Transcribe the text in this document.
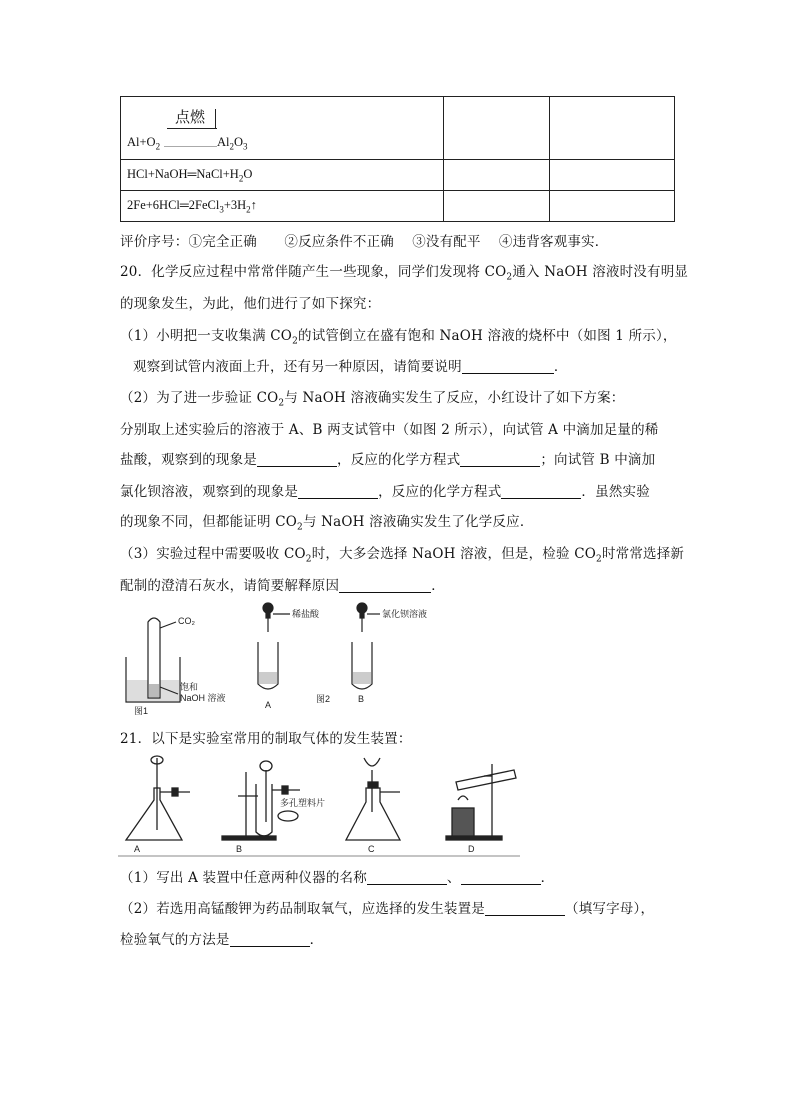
点燃
$Al+O_2$ $Al_2O_3$

$HCl+NaOH═NaCl+H_2O$		
$2Fe+6HCl═2FeCl_3+3H_2↑$		
评价序号：①完全正确　　②反应条件不正确　 ③没有配平　 ④违背客观事实．
20．化学反应过程中常常伴随产生一些现象，同学们发现将 $CO_2$通入 NaOH 溶液时没有明显
的现象发生，为此，他们进行了如下探究：
（1）小明把一支收集满 $CO_2$的试管倒立在盛有饱和 NaOH 溶液的烧杯中（如图 1 所示），
观察到试管内液面上升，还有另一种原因，请简要说明	．
（2）为了进一步验证 $CO_2$与 NaOH 溶液确实发生了反应，小红设计了如下方案：
分别取上述实验后的溶液于 A、B 两支试管中（如图 2 所示），向试管 A 中滴加足量的稀
盐酸，观察到的现象是	，反应的化学方程式	；向试管 B 中滴加
氯化钡溶液，观察到的现象是	，反应的化学方程式	．虽然实验
的现象不同，但都能证明 $CO_2$与 NaOH 溶液确实发生了化学反应．
（3）实验过程中需要吸收 $CO_2$时，大多会选择 NaOH 溶液，但是，检验 $CO_2$时常常选择新
配制的澄清石灰水，请简要解释原因	．
CO₂
饱和
NaOH 溶液
图1
稀盐酸
A
图2
氯化钡溶液
B
21．以下是实验室常用的制取气体的发生装置：
A
多孔塑料片
B	C	D
（1）写出 A 装置中任意两种仪器的名称	、	．
（2）若选用高锰酸钾为药品制取氧气，应选择的发生装置是	（填写字母），
检验氧气的方法是	．
